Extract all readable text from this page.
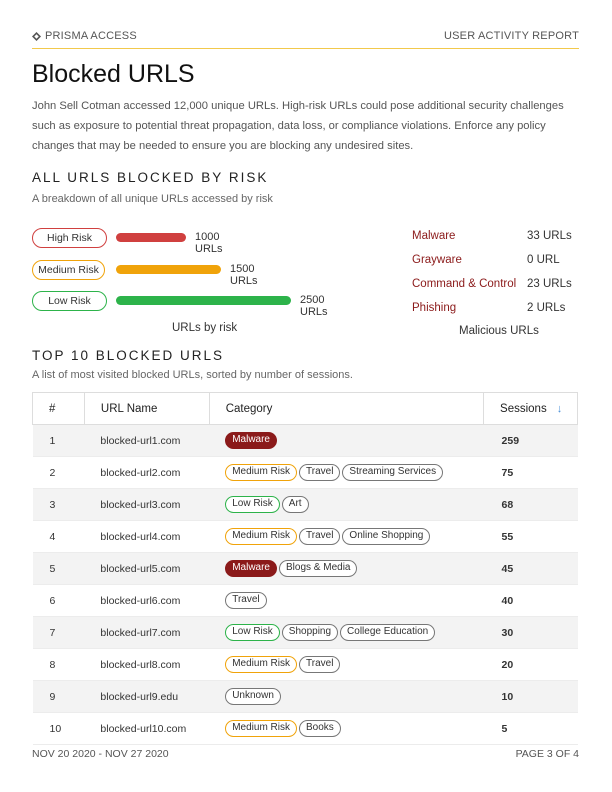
PRISMA ACCESS	USER ACTIVITY REPORT
Blocked URLS

John Sell Cotman accessed 12,000 unique URLs. High-risk URLs could pose additional security challenges such as exposure to potential threat propagation, data loss, or compliance violations. Enforce any policy changes that may be needed to ensure you are blocking any undesired sites.

ALL URLS BLOCKED BY RISK
A breakdown of all unique URLs accessed by risk
High Risk	1000 URLs
Medium Risk	1500 URLs
Low Risk	2500 URLs
URLs by risk
Malware	33 URLs
Grayware	0 URL
Command & Control 23 URLs
Phishing	2 URLs
Malicious URLs
TOP 10 BLOCKED URLS
A list of most visited blocked URLs, sorted by number of sessions.
#	URL Name	Category	Sessions ↓
1	blocked-url1.com	Malware	259
2	blocked-url2.com	Medium Risk Travel Streaming Services	75
3	blocked-url3.com	Low Risk Art	68
4	blocked-url4.com	Medium Risk Travel Online Shopping	55
5	blocked-url5.com	Malware Blogs & Media	45
6	blocked-url6.com	Travel	40
7	blocked-url7.com	Low Risk Shopping College Education	30
8	blocked-url8.com	Medium Risk Travel	20
9	blocked-url9.edu	Unknown	10
10	blocked-url10.com	Medium Risk Books	5
NOV 20 2020 - NOV 27 2020	PAGE 3 OF 4
